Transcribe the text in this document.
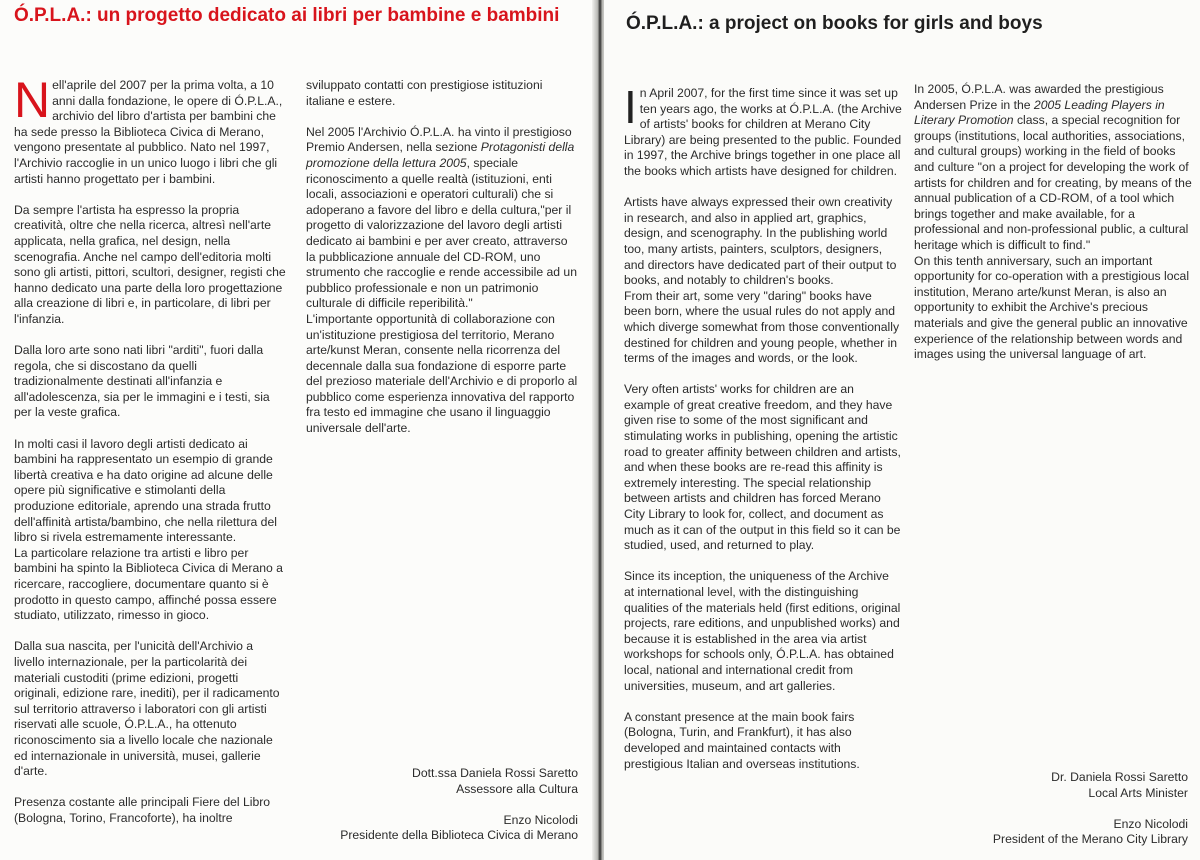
Ó.P.L.A.: un progetto dedicato ai libri per bambine e bambini

Nell'aprile del 2007 per la prima volta, a 10 anni dalla fondazione, le opere di Ó.P.L.A., archivio del libro d'artista per bambini che ha sede presso la Biblioteca Civica di Merano, vengono presentate al pubblico. Nato nel 1997, l'Archivio raccoglie in un unico luogo i libri che gli artisti hanno progettato per i bambini.

Da sempre l'artista ha espresso la propria creatività, oltre che nella ricerca, altresì nell'arte applicata, nella grafica, nel design, nella scenografia. Anche nel campo dell'editoria molti sono gli artisti, pittori, scultori, designer, registi che hanno dedicato una parte della loro progettazione alla creazione di libri e, in particolare, di libri per l'infanzia.

Dalla loro arte sono nati libri "arditi", fuori dalla regola, che si discostano da quelli tradizionalmente destinati all'infanzia e all'adolescenza, sia per le immagini e i testi, sia per la veste grafica.

In molti casi il lavoro degli artisti dedicato ai bambini ha rappresentato un esempio di grande libertà creativa e ha dato origine ad alcune delle opere più significative e stimolanti della produzione editoriale, aprendo una strada frutto dell'affinità artista/bambino, che nella rilettura del libro si rivela estremamente interessante.

La particolare relazione tra artisti e libro per bambini ha spinto la Biblioteca Civica di Merano a ricercare, raccogliere, documentare quanto si è prodotto in questo campo, affinché possa essere studiato, utilizzato, rimesso in gioco.

Dalla sua nascita, per l'unicità dell'Archivio a livello internazionale, per la particolarità dei materiali custoditi (prime edizioni, progetti originali, edizione rare, inediti), per il radicamento sul territorio attraverso i laboratori con gli artisti riservati alle scuole, Ó.P.L.A., ha ottenuto riconoscimento sia a livello locale che nazionale ed internazionale in università, musei, gallerie d'arte.

Presenza costante alle principali Fiere del Libro (Bologna, Torino, Francoforte), ha inoltre

sviluppato contatti con prestigiose istituzioni italiane e estere.

Nel 2005 l'Archivio Ó.P.L.A. ha vinto il prestigioso Premio Andersen, nella sezione Protagonisti della promozione della lettura 2005, speciale riconoscimento a quelle realtà (istituzioni, enti locali, associazioni e operatori culturali) che si adoperano a favore del libro e della cultura,"per il progetto di valorizzazione del lavoro degli artisti dedicato ai bambini e per aver creato, attraverso la pubblicazione annuale del CD-ROM, uno strumento che raccoglie e rende accessibile ad un pubblico professionale e non un patrimonio culturale di difficile reperibilità."

L'importante opportunità di collaborazione con un'istituzione prestigiosa del territorio, Merano arte/kunst Meran, consente nella ricorrenza del decennale dalla sua fondazione di esporre parte del prezioso materiale dell'Archivio e di proporlo al pubblico come esperienza innovativa del rapporto fra testo ed immagine che usano il linguaggio universale dell'arte.

Dott.ssa Daniela Rossi Saretto
Assessore alla Cultura
Enzo Nicolodi
Presidente della Biblioteca Civica di Merano
Ó.P.L.A.: a project on books for girls and boys

In April 2007, for the first time since it was set up ten years ago, the works at Ó.P.L.A. (the Archive of artists' books for children at Merano City Library) are being presented to the public. Founded in 1997, the Archive brings together in one place all the books which artists have designed for children.

Artists have always expressed their own creativity in research, and also in applied art, graphics, design, and scenography. In the publishing world too, many artists, painters, sculptors, designers, and directors have dedicated part of their output to books, and notably to children's books.

From their art, some very "daring" books have been born, where the usual rules do not apply and which diverge somewhat from those conventionally destined for children and young people, whether in terms of the images and words, or the look.

Very often artists' works for children are an example of great creative freedom, and they have given rise to some of the most significant and stimulating works in publishing, opening the artistic road to greater affinity between children and artists, and when these books are re-read this affinity is extremely interesting. The special relationship between artists and children has forced Merano City Library to look for, collect, and document as much as it can of the output in this field so it can be studied, used, and returned to play.

Since its inception, the uniqueness of the Archive at international level, with the distinguishing qualities of the materials held (first editions, original projects, rare editions, and unpublished works) and because it is established in the area via artist workshops for schools only, Ó.P.L.A. has obtained local, national and international credit from universities, museum, and art galleries.

A constant presence at the main book fairs (Bologna, Turin, and Frankfurt), it has also developed and maintained contacts with prestigious Italian and overseas institutions.

In 2005, Ó.P.L.A. was awarded the prestigious Andersen Prize in the 2005 Leading Players in Literary Promotion class, a special recognition for groups (institutions, local authorities, associations, and cultural groups) working in the field of books and culture "on a project for developing the work of artists for children and for creating, by means of the annual publication of a CD-ROM, of a tool which brings together and make available, for a professional and non-professional public, a cultural heritage which is difficult to find."

On this tenth anniversary, such an important opportunity for co-operation with a prestigious local institution, Merano arte/kunst Meran, is also an opportunity to exhibit the Archive's precious materials and give the general public an innovative experience of the relationship between words and images using the universal language of art.

Dr. Daniela Rossi Saretto
Local Arts Minister
Enzo Nicolodi
President of the Merano City Library
